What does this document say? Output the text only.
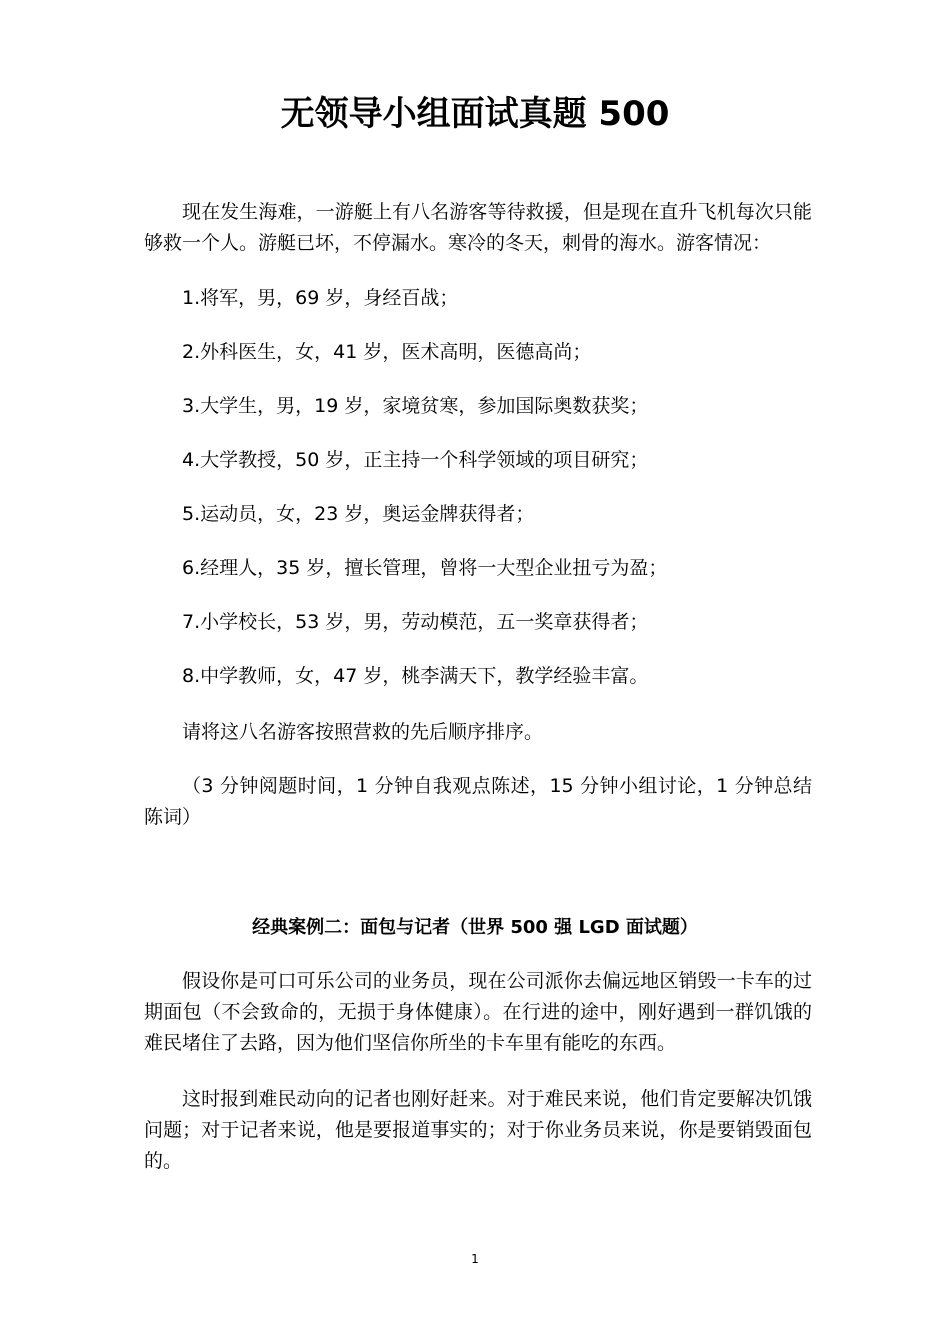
无领导小组面试真题 500

现在发生海难，一游艇上有八名游客等待救援，但是现在直升飞机每次只能够救一个人。游艇已坏，不停漏水。寒冷的冬天，刺骨的海水。游客情况：

1.将军，男，69 岁，身经百战；

2.外科医生，女，41 岁，医术高明，医德高尚；

3.大学生，男，19 岁，家境贫寒，参加国际奥数获奖；

4.大学教授，50 岁，正主持一个科学领域的项目研究；

5.运动员，女，23 岁，奥运金牌获得者；

6.经理人，35 岁，擅长管理，曾将一大型企业扭亏为盈；

7.小学校长，53 岁，男，劳动模范，五一奖章获得者；

8.中学教师，女，47 岁，桃李满天下，教学经验丰富。

请将这八名游客按照营救的先后顺序排序。

（3 分钟阅题时间，1 分钟自我观点陈述，15 分钟小组讨论，1 分钟总结陈词）

经典案例二：面包与记者（世界 500 强 LGD 面试题）

假设你是可口可乐公司的业务员，现在公司派你去偏远地区销毁一卡车的过期面包（不会致命的，无损于身体健康）。在行进的途中，刚好遇到一群饥饿的难民堵住了去路，因为他们坚信你所坐的卡车里有能吃的东西。

这时报到难民动向的记者也刚好赶来。对于难民来说，他们肯定要解决饥饿问题；对于记者来说，他是要报道事实的；对于你业务员来说，你是要销毁面包的。

1
